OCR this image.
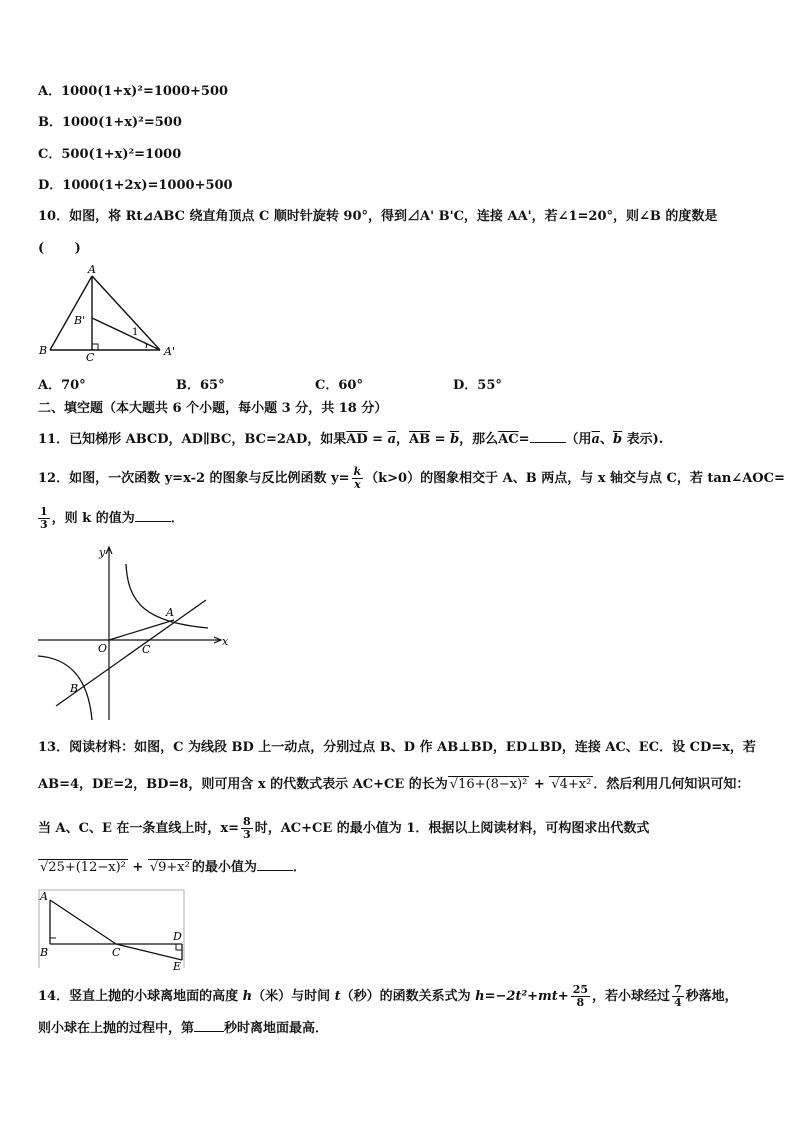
A．1000(1+x)²=1000+500
B．1000(1+x)²=500
C．500(1+x)²=1000
D．1000(1+2x)=1000+500
10．如图，将 Rt⊿ABC 绕直角顶点 C 顺时针旋转 90°，得到⊿A' B'C，连接 AA'，若∠1=20°，则∠B 的度数是
(　　 )
A
B'
B
C	A'
1
A．70°	B．65°	C．60°	D．55°
二、填空题（本大题共 6 个小题，每小题 3 分，共 18 分）
11．已知梯形 ABCD，AD∥BC，BC=2AD，如果$\overline{AD} = \overline{a}$，$\overline{AB} = \overline{b}$，那么$\overline{AC}=$	（用$\overline{a}$、$\overline{b}$ 表示).
12．如图，一次函数 y=x-2 的图象与反比例函数 $y= \frac{k}{x} (k>0)$的图象相交于 A、B 两点，与 x 轴交与点 C，若 tan∠AOC=
$\frac{1}{3}$ ，则 k 的值为	．
y
x
O	C
A
B
13．阅读材料：如图，C 为线段 BD 上一动点，分别过点 B、D 作 AB⊥BD，ED⊥BD，连接 AC、EC．设 CD=x，若
AB=4，DE=2，BD=8，则可用含 x 的代数式表示 AC+CE 的长为 √16+(8−x)² + √4+x² ．然后利用几何知识可知：
当 A、C、E 在一条直线上时，$x= \frac{8}{3}$ 时，AC+CE 的最小值为 1．根据以上阅读材料，可构图求出代数式
√25+(12−x)² + √9+x² 的最小值为	．
A
B	C
D
E
14．竖直上抛的小球离地面的高度 h（米）与时间 t（秒）的函数关系式为 $h=-2t^2+mt+ \frac{25}{8}$ ，若小球经过 $\frac{7}{4}$ 秒落地，
则小球在上抛的过程中，第 秒时离地面最高．
